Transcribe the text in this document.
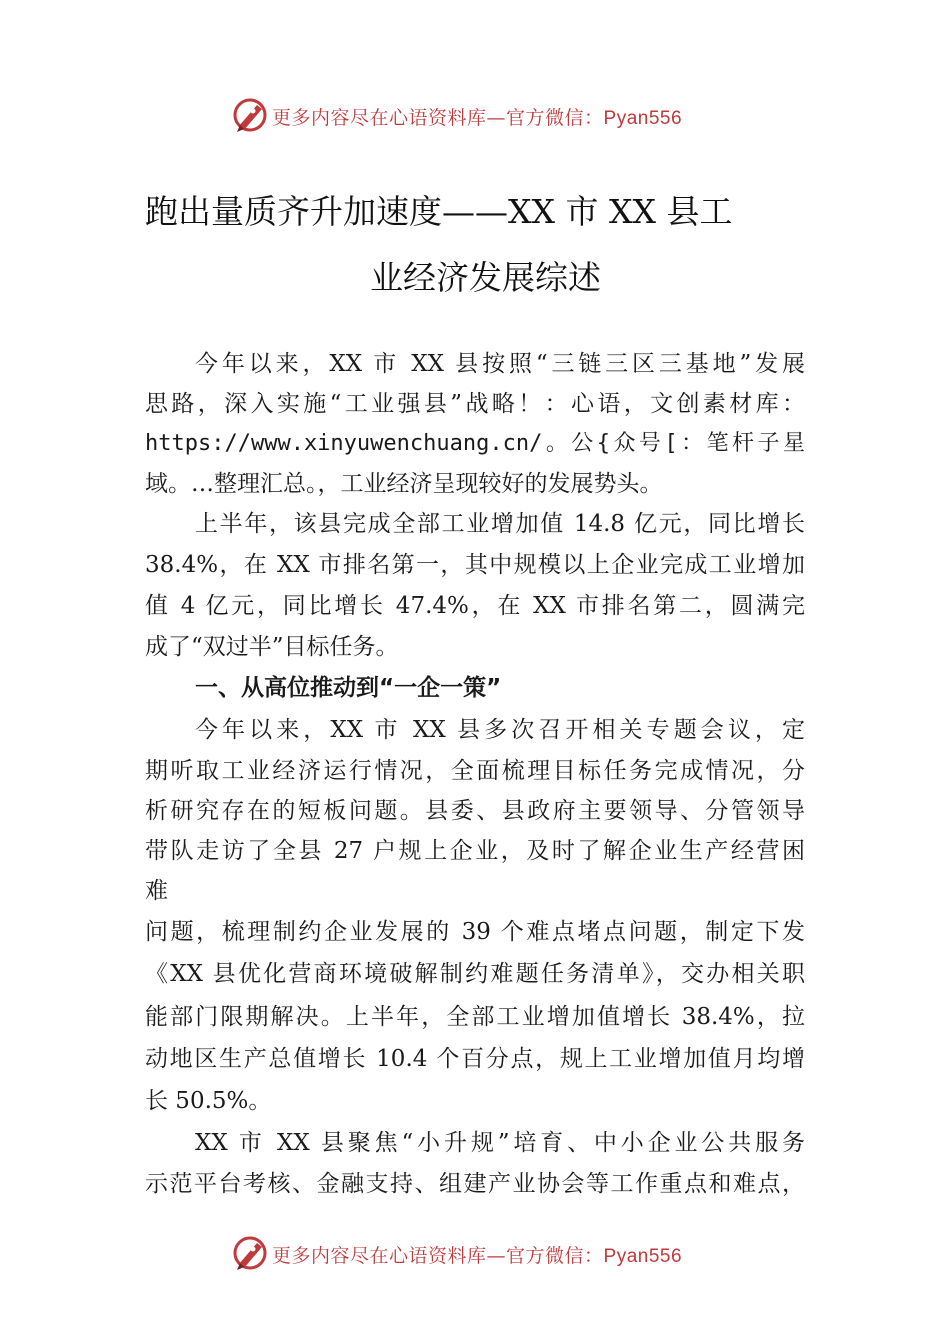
更多内容尽在心语资料库—官方微信：Pyan556
跑出量质齐升加速度——XX 市 XX 县工
业经济发展综述
今年以来，XX 市 XX 县按照“三链三区三基地”发展
思路，深入实施“工业强县”战略！：心语，文创素材库：
https://www.xinyuwenchuang.cn/。公{众号[：笔杆子星
域。…整理汇总。，工业经济呈现较好的发展势头。
上半年，该县完成全部工业增加值 14.8 亿元，同比增长
38.4%，在 XX 市排名第一，其中规模以上企业完成工业增加
值 4 亿元，同比增长 47.4%，在 XX 市排名第二，圆满完
成了“双过半”目标任务。
一、从高位推动到“一企一策”
今年以来，XX 市 XX 县多次召开相关专题会议，定
期听取工业经济运行情况，全面梳理目标任务完成情况，分
析研究存在的短板问题。县委、县政府主要领导、分管领导
带队走访了全县 27 户规上企业，及时了解企业生产经营困
难
问题，梳理制约企业发展的 39 个难点堵点问题，制定下发
《XX 县优化营商环境破解制约难题任务清单》，交办相关职
能部门限期解决。上半年，全部工业增加值增长 38.4%，拉
动地区生产总值增长 10.4 个百分点，规上工业增加值月均增
长 50.5%。
XX 市 XX 县聚焦“小升规”培育、中小企业公共服务
示范平台考核、金融支持、组建产业协会等工作重点和难点，
更多内容尽在心语资料库—官方微信：Pyan556
